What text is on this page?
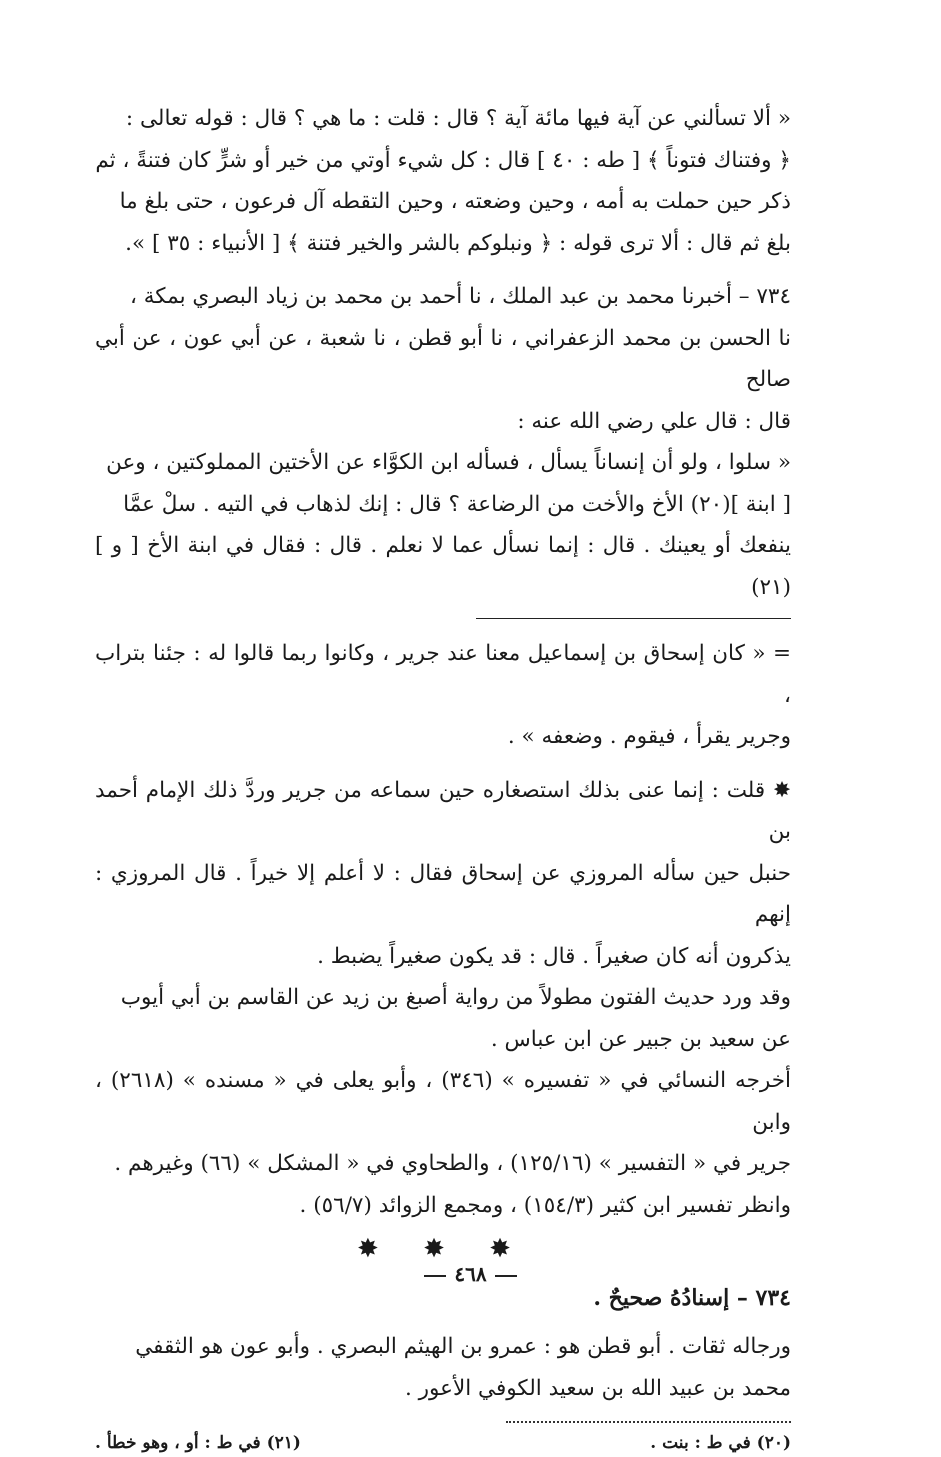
« ألا تسألني عن آية فيها مائة آية ؟ قال : قلت : ما هي ؟ قال : قوله تعالى :

﴿ وفتناك فتوناً ﴾ [ طه : ٤٠ ] قال : كل شيء أوتي من خير أو شرٍّ كان فتنةً ، ثم

ذكر حين حملت به أمه ، وحين وضعته ، وحين التقطه آل فرعون ، حتى بلغ ما

بلغ ثم قال : ألا ترى قوله : ﴿ ونبلوكم بالشر والخير فتنة ﴾ [ الأنبياء : ٣٥ ] ».

٧٣٤ – أخبرنا محمد بن عبد الملك ، نا أحمد بن محمد بن زياد البصري بمكة ،

نا الحسن بن محمد الزعفراني ، نا أبو قطن ، نا شعبة ، عن أبي عون ، عن أبي صالح

قال : قال علي رضي الله عنه :

« سلوا ، ولو أن إنساناً يسأل ، فسأله ابن الكوَّاء عن الأختين المملوكتين ، وعن

[ ابنة ](٢٠) الأخ والأخت من الرضاعة ؟ قال : إنك لذهاب في التيه . سلْ عمَّا

ينفعك أو يعينك . قال : إنما نسأل عما لا نعلم . قال : فقال في ابنة الأخ [ و ](٢١)

= « كان إسحاق بن إسماعيل معنا عند جرير ، وكانوا ربما قالوا له : جئنا بتراب ،

وجرير يقرأ ، فيقوم . وضعفه » .

✸ قلت : إنما عنى بذلك استصغاره حين سماعه من جرير وردَّ ذلك الإمام أحمد بن

حنبل حين سأله المروزي عن إسحاق فقال : لا أعلم إلا خيراً . قال المروزي : إنهم

يذكرون أنه كان صغيراً . قال : قد يكون صغيراً يضبط .

وقد ورد حديث الفتون مطولاً من رواية أصبغ بن زيد عن القاسم بن أبي أيوب

عن سعيد بن جبير عن ابن عباس .

أخرجه النسائي في « تفسيره » (٣٤٦) ، وأبو يعلى في « مسنده » (٢٦١٨) ، وابن

جرير في « التفسير » (١٢٥/١٦) ، والطحاوي في « المشكل » (٦٦) وغيرهم .

وانظر تفسير ابن كثير (١٥٤/٣) ، ومجمع الزوائد (٥٦/٧) .

✸ ✸ ✸
٧٣٤ – إسنادُهُ صحيحٌ .

ورجاله ثقات . أبو قطن هو : عمرو بن الهيثم البصري . وأبو عون هو الثقفي

محمد بن عبيد الله بن سعيد الكوفي الأعور .

(٢٠) في ط : بنت .
(٢١) في ط : أو ، وهو خطأ .
٤٦٨
